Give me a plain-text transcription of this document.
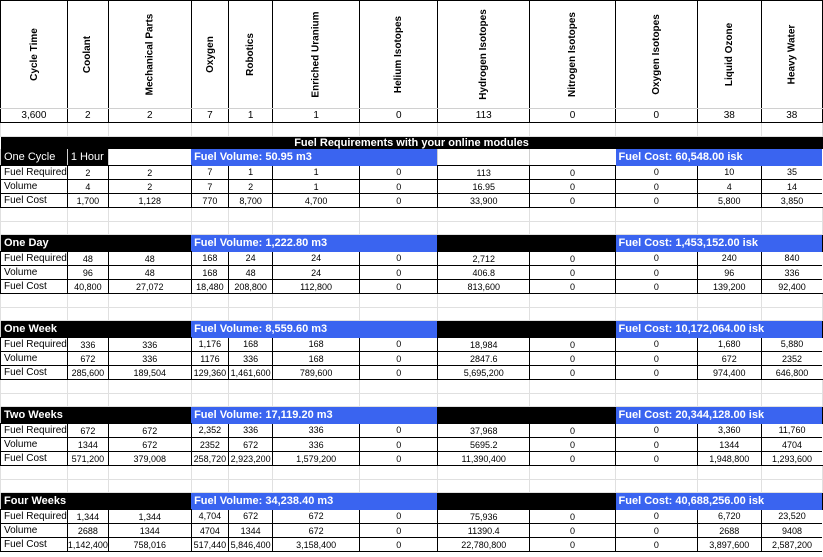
Cycle Time	Coolant	Mechanical Parts	Oxygen	Robotics	Enriched Uranium	Helium Isotopes	Hydrogen Isotopes	Nitrogen Isotopes	Oxygen Isotopes	Liquid Ozone	Heavy Water	
3,600	2	2	7	1	1	0	113	0	0	38	38	

Fuel Requirements with your online modules												
One Cycle	1 Hour		Fuel Volume: 50.95 m3						Fuel Cost: 60,548.00 isk			
Fuel Required	2	2	7	1	1	0	113	0	0	10	35	
Volume	4	2	7	2	1	0	16.95	0	0	4	14	
Fuel Cost	1,700	1,128	770	8,700	4,700	0	33,900	0	0	5,800	3,850	

One Day			Fuel Volume: 1,222.80 m3						Fuel Cost: 1,453,152.00 isk			
Fuel Required	48	48	168	24	24	0	2,712	0	0	240	840	
Volume	96	48	168	48	24	0	406.8	0	0	96	336	
Fuel Cost	40,800	27,072	18,480	208,800	112,800	0	813,600	0	0	139,200	92,400	

One Week			Fuel Volume: 8,559.60 m3						Fuel Cost: 10,172,064.00 isk			
Fuel Required	336	336	1,176	168	168	0	18,984	0	0	1,680	5,880	
Volume	672	336	1176	336	168	0	2847.6	0	0	672	2352	
Fuel Cost	285,600	189,504	129,360	1,461,600	789,600	0	5,695,200	0	0	974,400	646,800	

Two Weeks			Fuel Volume: 17,119.20 m3						Fuel Cost: 20,344,128.00 isk			
Fuel Required	672	672	2,352	336	336	0	37,968	0	0	3,360	11,760	
Volume	1344	672	2352	672	336	0	5695.2	0	0	1344	4704	
Fuel Cost	571,200	379,008	258,720	2,923,200	1,579,200	0	11,390,400	0	0	1,948,800	1,293,600	

Four Weeks			Fuel Volume: 34,238.40 m3						Fuel Cost: 40,688,256.00 isk			
Fuel Required	1,344	1,344	4,704	672	672	0	75,936	0	0	6,720	23,520	
Volume	2688	1344	4704	1344	672	0	11390.4	0	0	2688	9408	
Fuel Cost	1,142,400	758,016	517,440	5,846,400	3,158,400	0	22,780,800	0	0	3,897,600	2,587,200	
